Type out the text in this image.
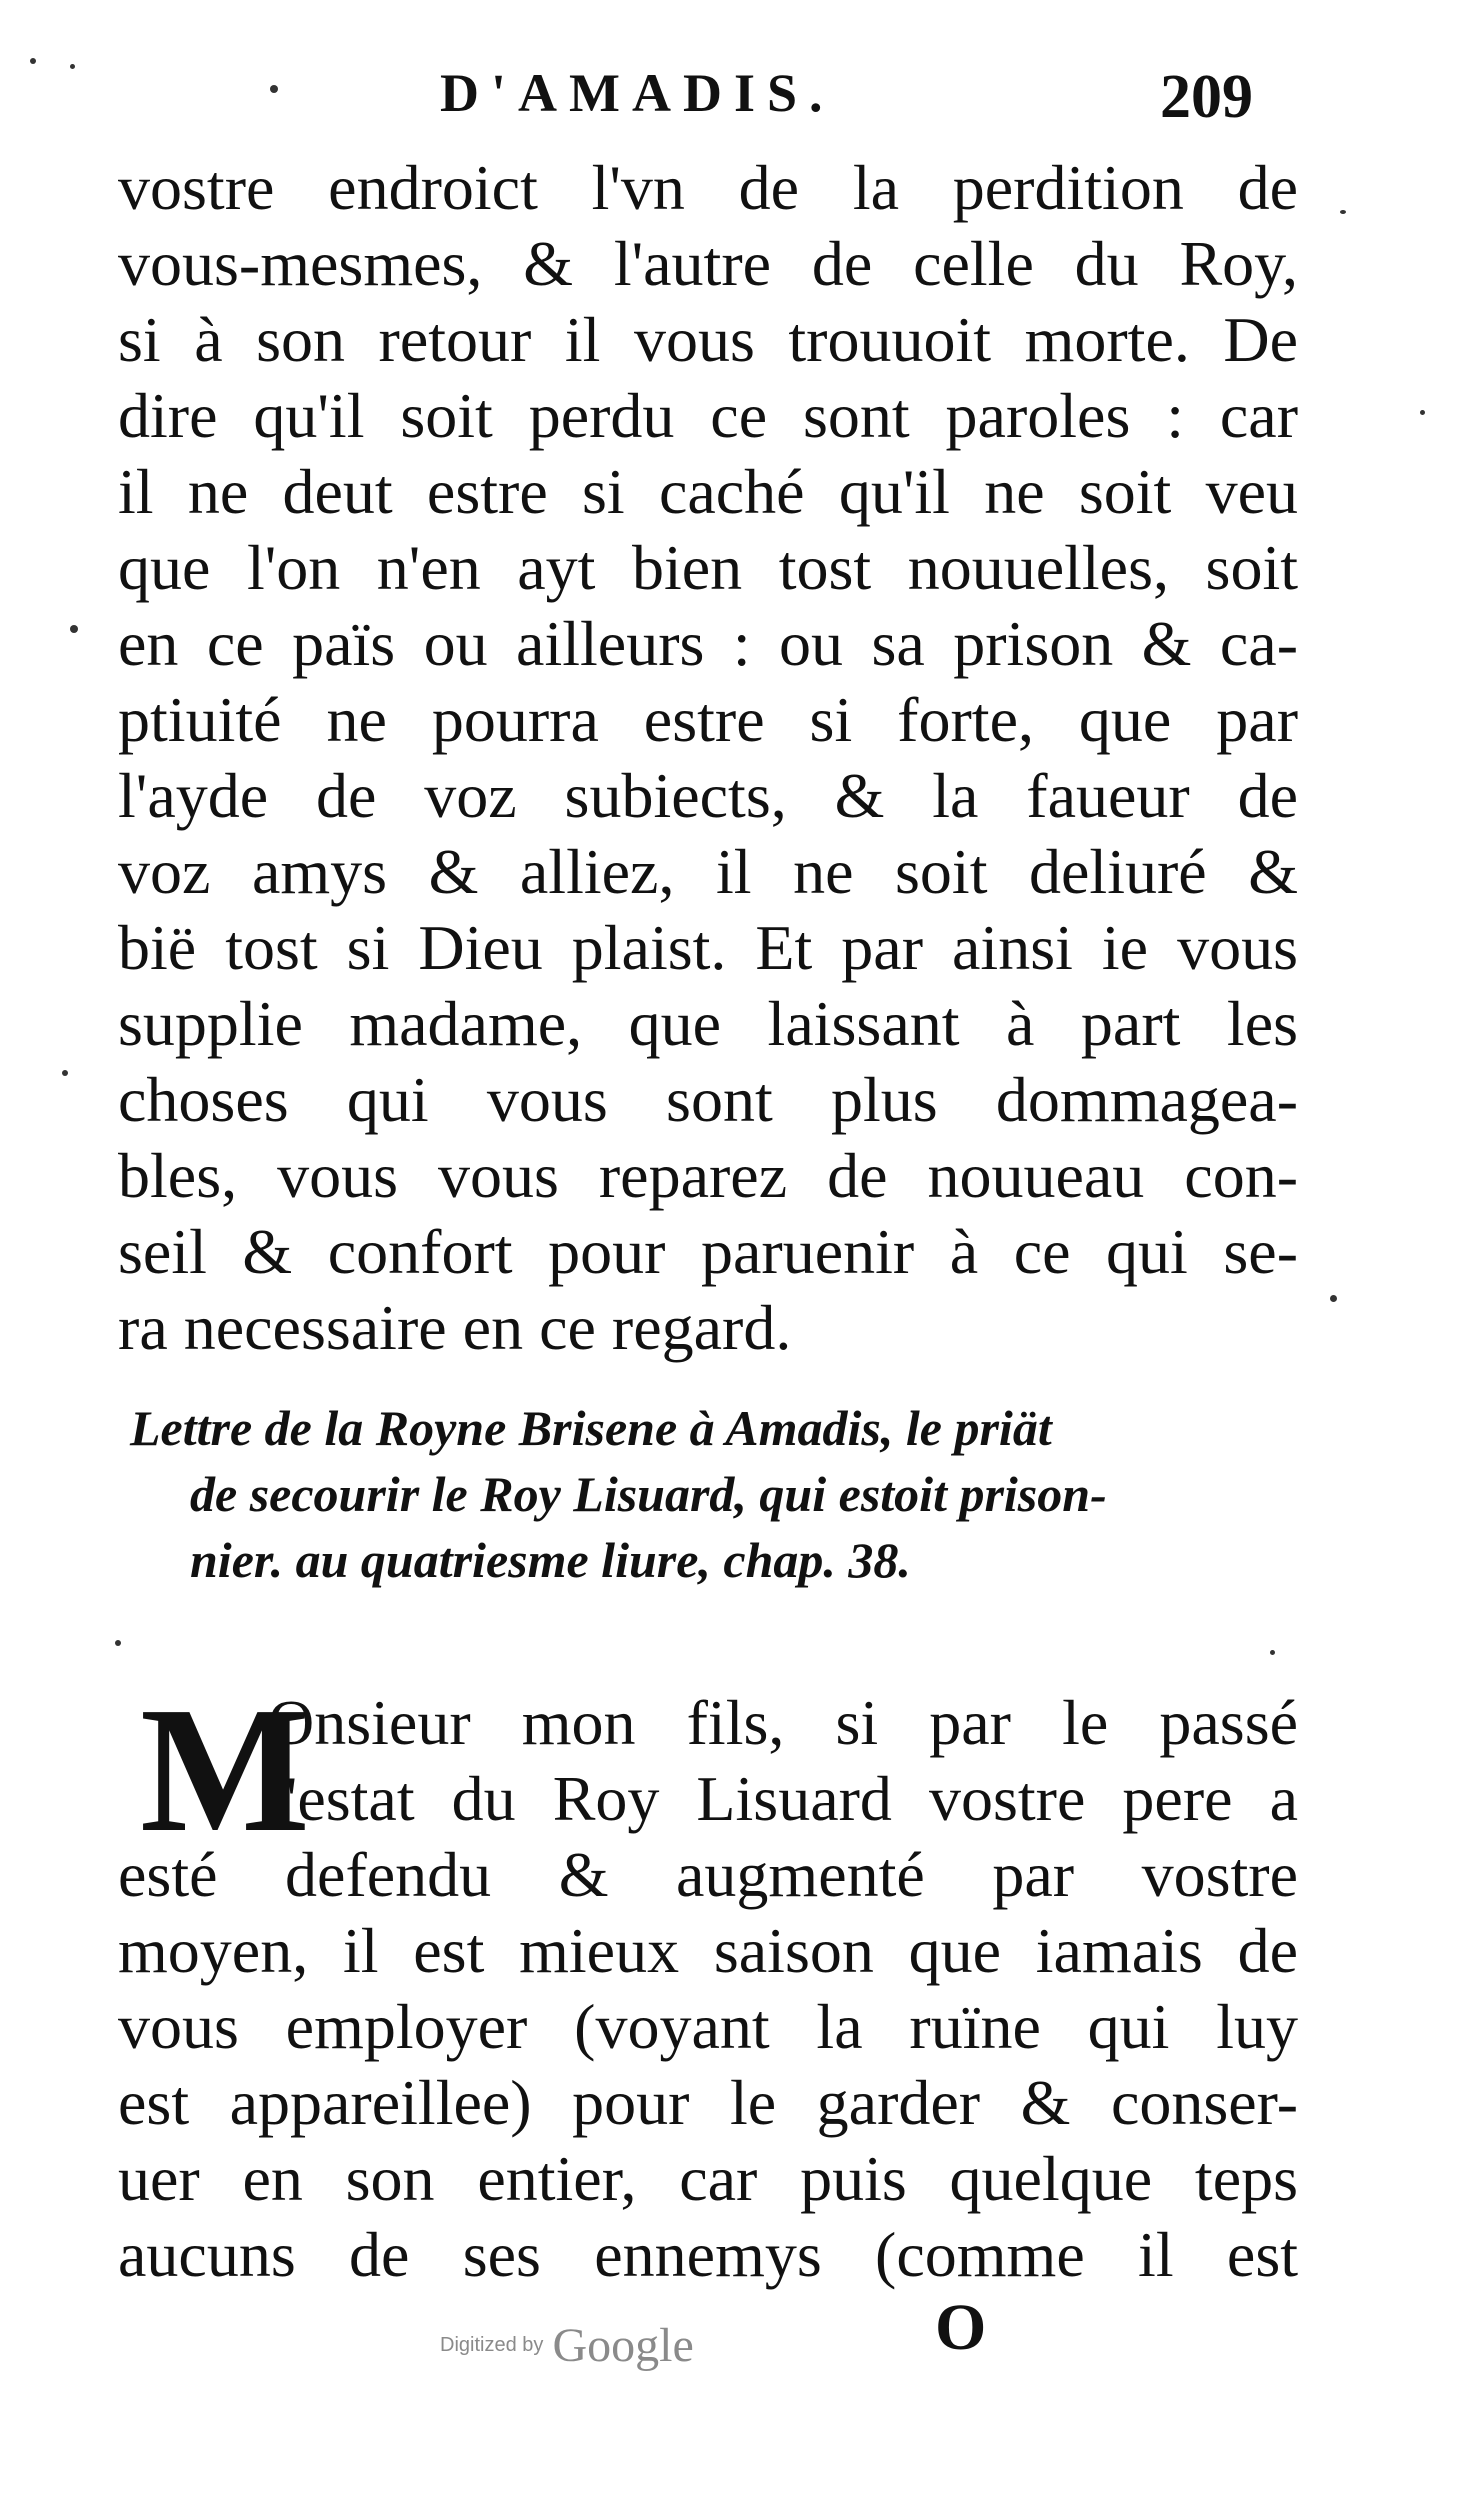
D'AMADIS.	209
vostre endroict l'vn de la perdition de
vous-mesmes, & l'autre de celle du Roy,
si à son retour il vous trouuoit morte. De
dire qu'il soit perdu ce sont paroles : car
il ne deut estre si caché qu'il ne soit veu
que l'on n'en ayt bien tost nouuelles, soit
en ce païs ou ailleurs : ou sa prison & ca-
ptiuité ne pourra estre si forte, que par
l'ayde de voz subiects, & la faueur de
voz amys & alliez, il ne soit deliuré &
bië tost si Dieu plaist. Et par ainsi ie vous
supplie madame, que laissant à part les
choses qui vous sont plus dommagea-
bles, vous vous reparez de nouueau con-
seil & confort pour paruenir à ce qui se-
ra necessaire en ce regard.
Lettre de la Royne Brisene à Amadis, le priät
de secourir le Roy Lisuard, qui estoit prison-
nier. au quatriesme liure, chap. 38.
M
Onsieur mon fils, si par le passé
l'estat du Roy Lisuard vostre pere a
esté defendu & augmenté par vostre
moyen, il est mieux saison que iamais de
vous employer (voyant la ruïne qui luy
est appareillee) pour le garder & conser-
uer en son entier, car puis quelque teps
aucuns de ses ennemys (comme il est
O
Digitized by Google
